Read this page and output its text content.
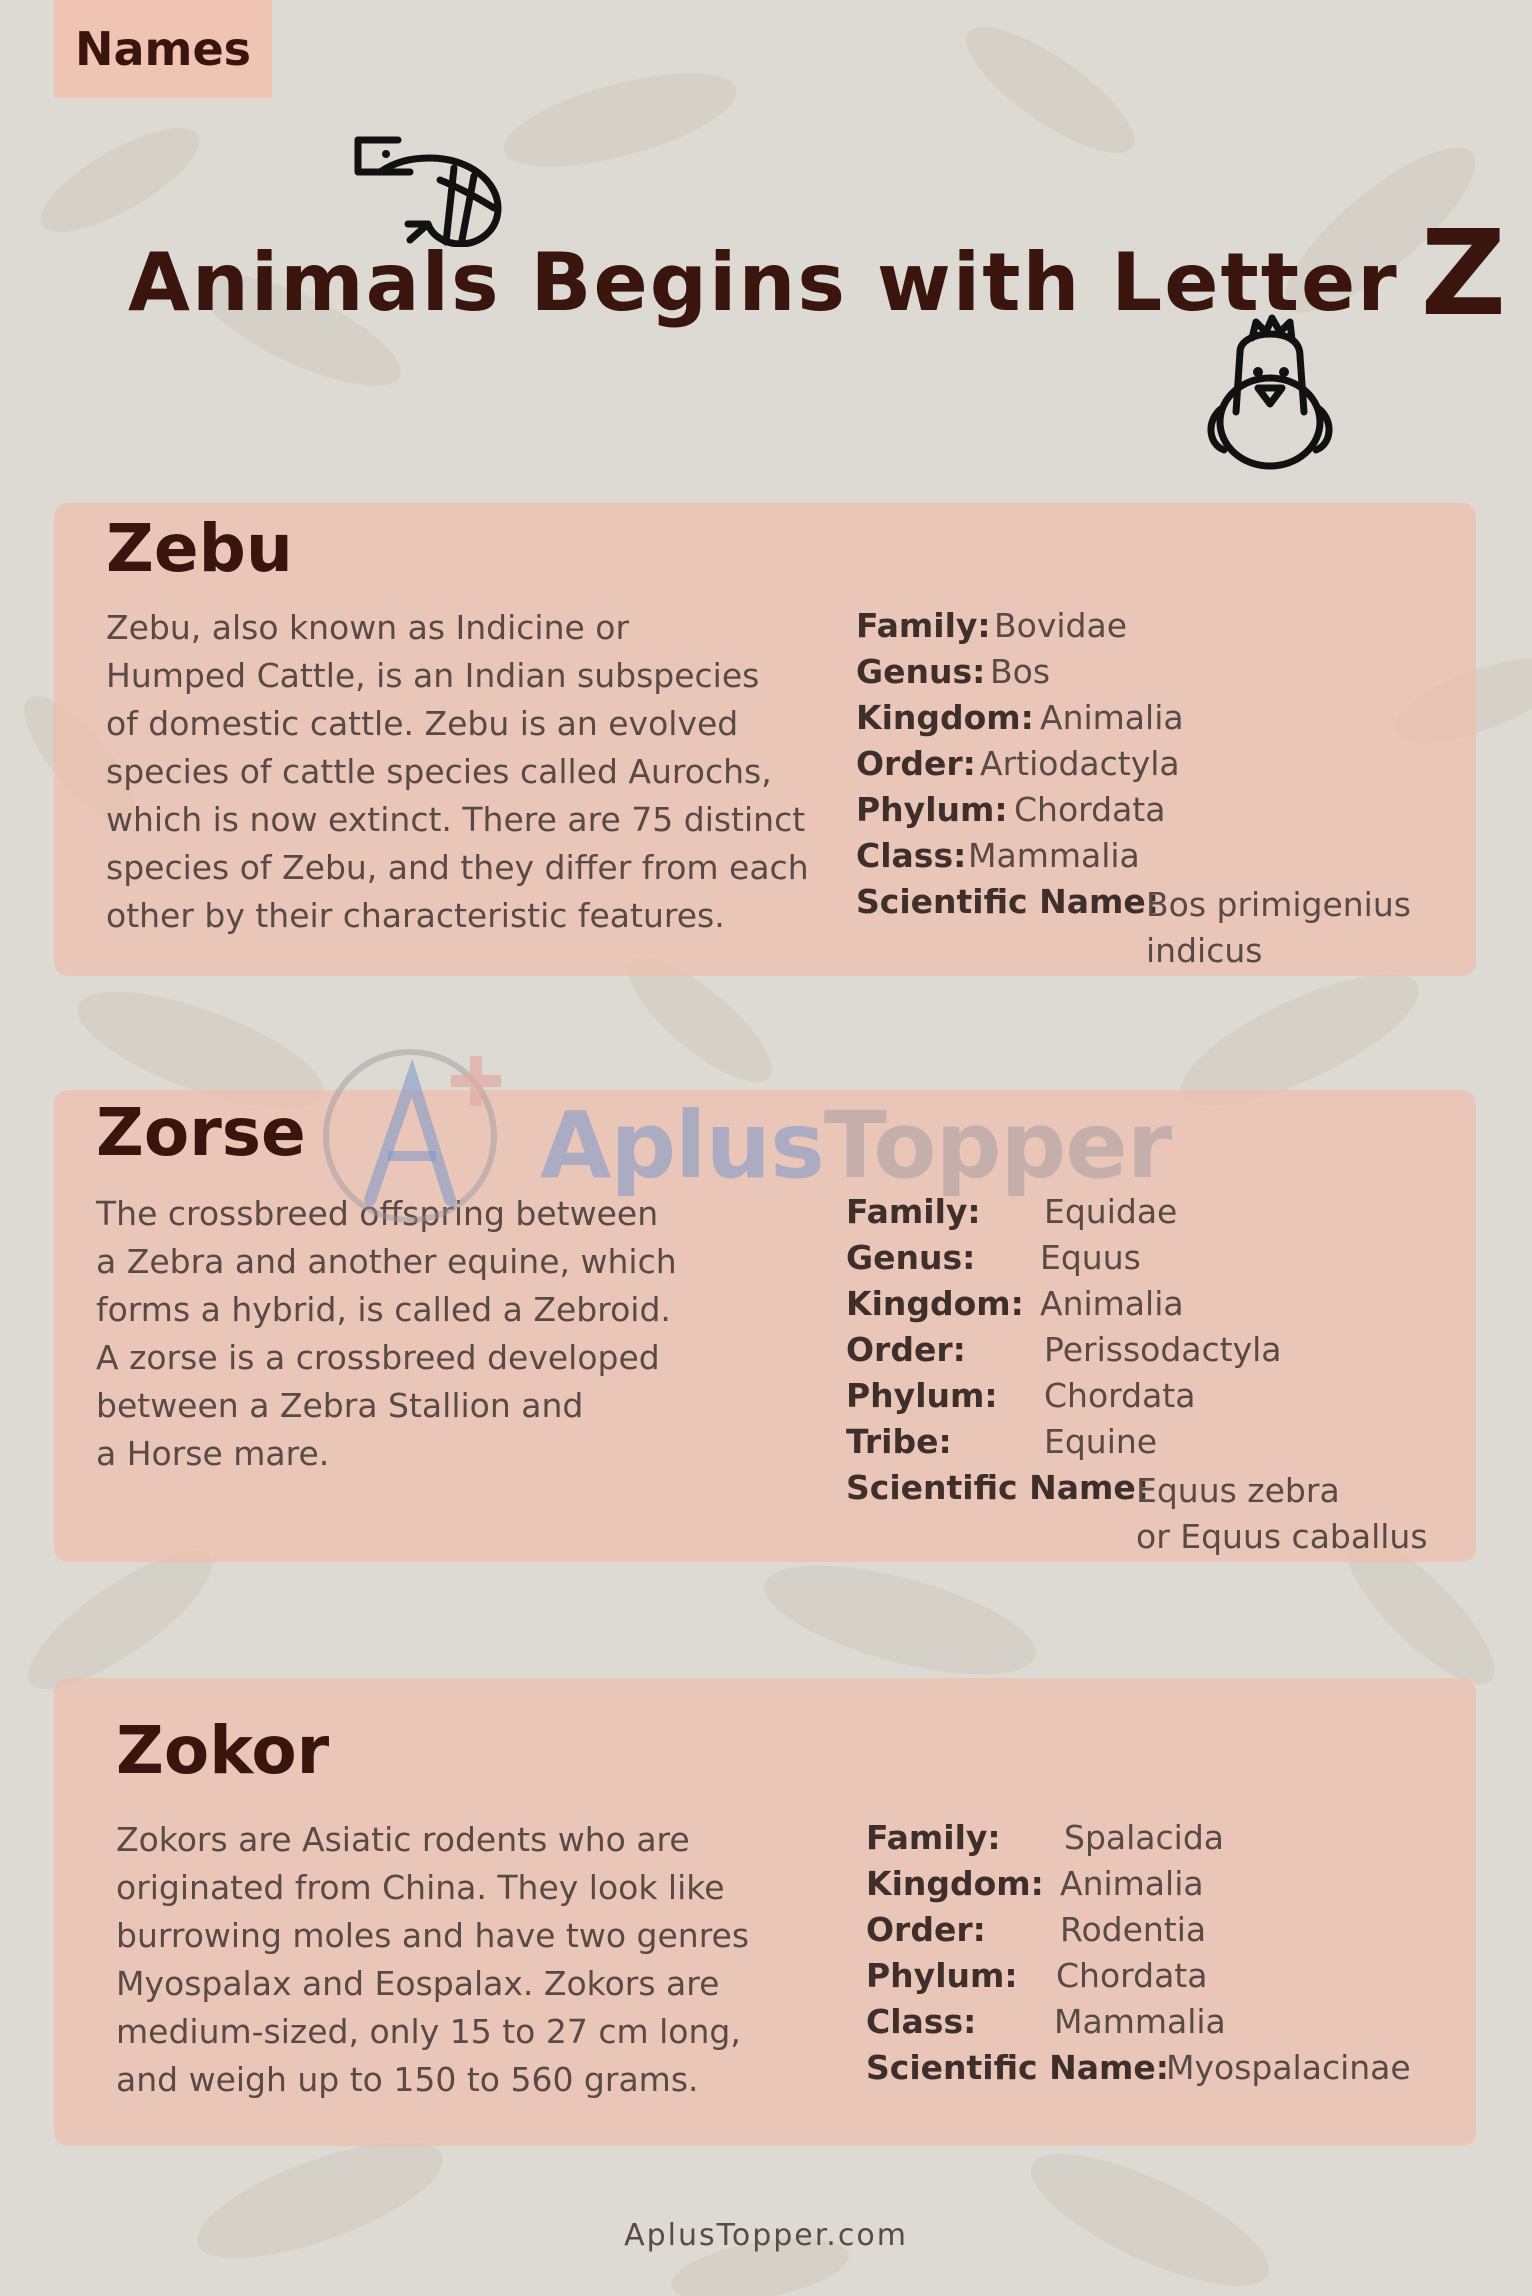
Names
Animals Begins with Letter Z
Zebu
Zebu, also known as Indicine or
Humped Cattle, is an Indian subspecies
of domestic cattle. Zebu is an evolved
species of cattle species called Aurochs,
which is now extinct. There are 75 distinct
species of Zebu, and they differ from each
other by their characteristic features.
Family: Bovidae
Genus: Bos
Kingdom: Animalia
Order: Artiodactyla
Phylum: Chordata
Class: Mammalia
Scientific Name:
Bos primigenius
indicus
Zorse
The crossbreed offspring between
a Zebra and another equine, which
forms a hybrid, is called a Zebroid.
A zorse is a crossbreed developed
between a Zebra Stallion and
a Horse mare.
Family: Equidae
Genus: Equus
Kingdom: Animalia
Order: Perissodactyla
Phylum: Chordata
Tribe:	Equine
Scientific Name:
Equus zebra
or Equus caballus
Zokor
Zokors are Asiatic rodents who are
originated from China. They look like
burrowing moles and have two genres
Myospalax and Eospalax. Zokors are
medium-sized, only 15 to 27 cm long,
and weigh up to 150 to 560 grams.
Family: Spalacida
Kingdom: Animalia
Order: Rodentia
Phylum: Chordata
Class: Mammalia
Scientific Name:
Myospalacinae
AplusTopper
AplusTopper.com
